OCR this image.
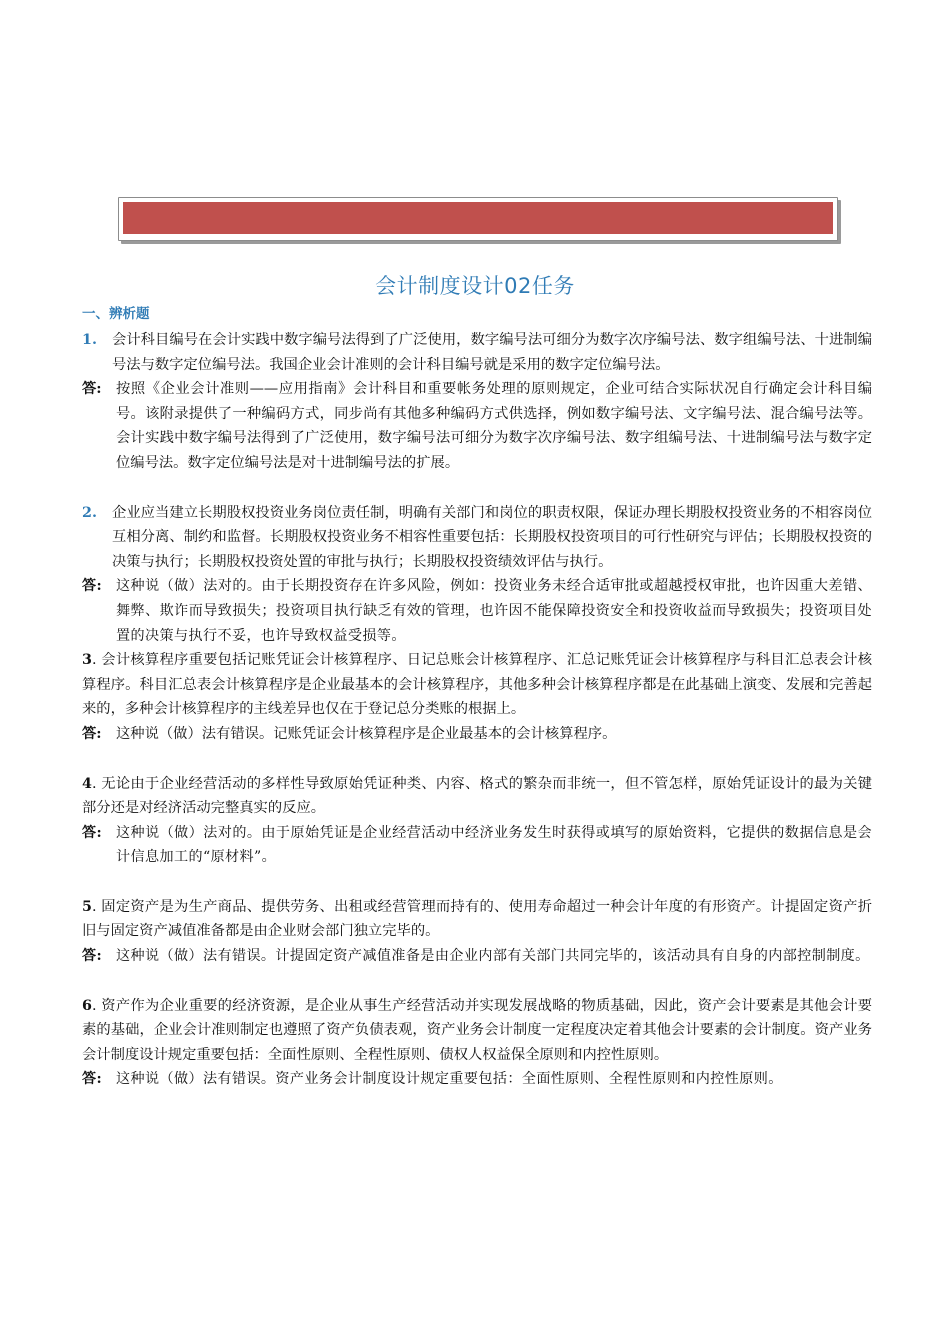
会计制度设计02任务
一、辨析题
1. 会计科目编号在会计实践中数字编号法得到了广泛使用，数字编号法可细分为数字次序编号法、数字组编号法、十进制编号法与数字定位编号法。我国企业会计准则的会计科目编号就是采用的数字定位编号法。
答: 按照《企业会计准则——应用指南》会计科目和重要帐务处理的原则规定，企业可结合实际状况自行确定会计科目编号。该附录提供了一种编码方式，同步尚有其他多种编码方式供选择，例如数字编号法、文字编号法、混合编号法等。会计实践中数字编号法得到了广泛使用，数字编号法可细分为数字次序编号法、数字组编号法、十进制编号法与数字定位编号法。数字定位编号法是对十进制编号法的扩展。
2. 企业应当建立长期股权投资业务岗位责任制，明确有关部门和岗位的职责权限，保证办理长期股权投资业务的不相容岗位互相分离、制约和监督。长期股权投资业务不相容性重要包括：长期股权投资项目的可行性研究与评估；长期股权投资的决策与执行；长期股权投资处置的审批与执行；长期股权投资绩效评估与执行。
答: 这种说（做）法对的。由于长期投资存在许多风险，例如：投资业务未经合适审批或超越授权审批，也许因重大差错、舞弊、欺诈而导致损失；投资项目执行缺乏有效的管理，也许因不能保障投资安全和投资收益而导致损失；投资项目处置的决策与执行不妥，也许导致权益受损等。
3. 会计核算程序重要包括记账凭证会计核算程序、日记总账会计核算程序、汇总记账凭证会计核算程序与科目汇总表会计核算程序。科目汇总表会计核算程序是企业最基本的会计核算程序，其他多种会计核算程序都是在此基础上演变、发展和完善起来的，多种会计核算程序的主线差异也仅在于登记总分类账的根据上。
答: 这种说（做）法有错误。记账凭证会计核算程序是企业最基本的会计核算程序。
4. 无论由于企业经营活动的多样性导致原始凭证种类、内容、格式的繁杂而非统一，但不管怎样，原始凭证设计的最为关键部分还是对经济活动完整真实的反应。
答: 这种说（做）法对的。由于原始凭证是企业经营活动中经济业务发生时获得或填写的原始资料，它提供的数据信息是会计信息加工的“原材料”。
5. 固定资产是为生产商品、提供劳务、出租或经营管理而持有的、使用寿命超过一种会计年度的有形资产。计提固定资产折旧与固定资产减值准备都是由企业财会部门独立完毕的。
答: 这种说（做）法有错误。计提固定资产减值准备是由企业内部有关部门共同完毕的，该活动具有自身的内部控制制度。
6. 资产作为企业重要的经济资源，是企业从事生产经营活动并实现发展战略的物质基础，因此，资产会计要素是其他会计要素的基础，企业会计准则制定也遵照了资产负债表观，资产业务会计制度一定程度决定着其他会计要素的会计制度。资产业务会计制度设计规定重要包括：全面性原则、全程性原则、债权人权益保全原则和内控性原则。
答: 这种说（做）法有错误。资产业务会计制度设计规定重要包括：全面性原则、全程性原则和内控性原则。
